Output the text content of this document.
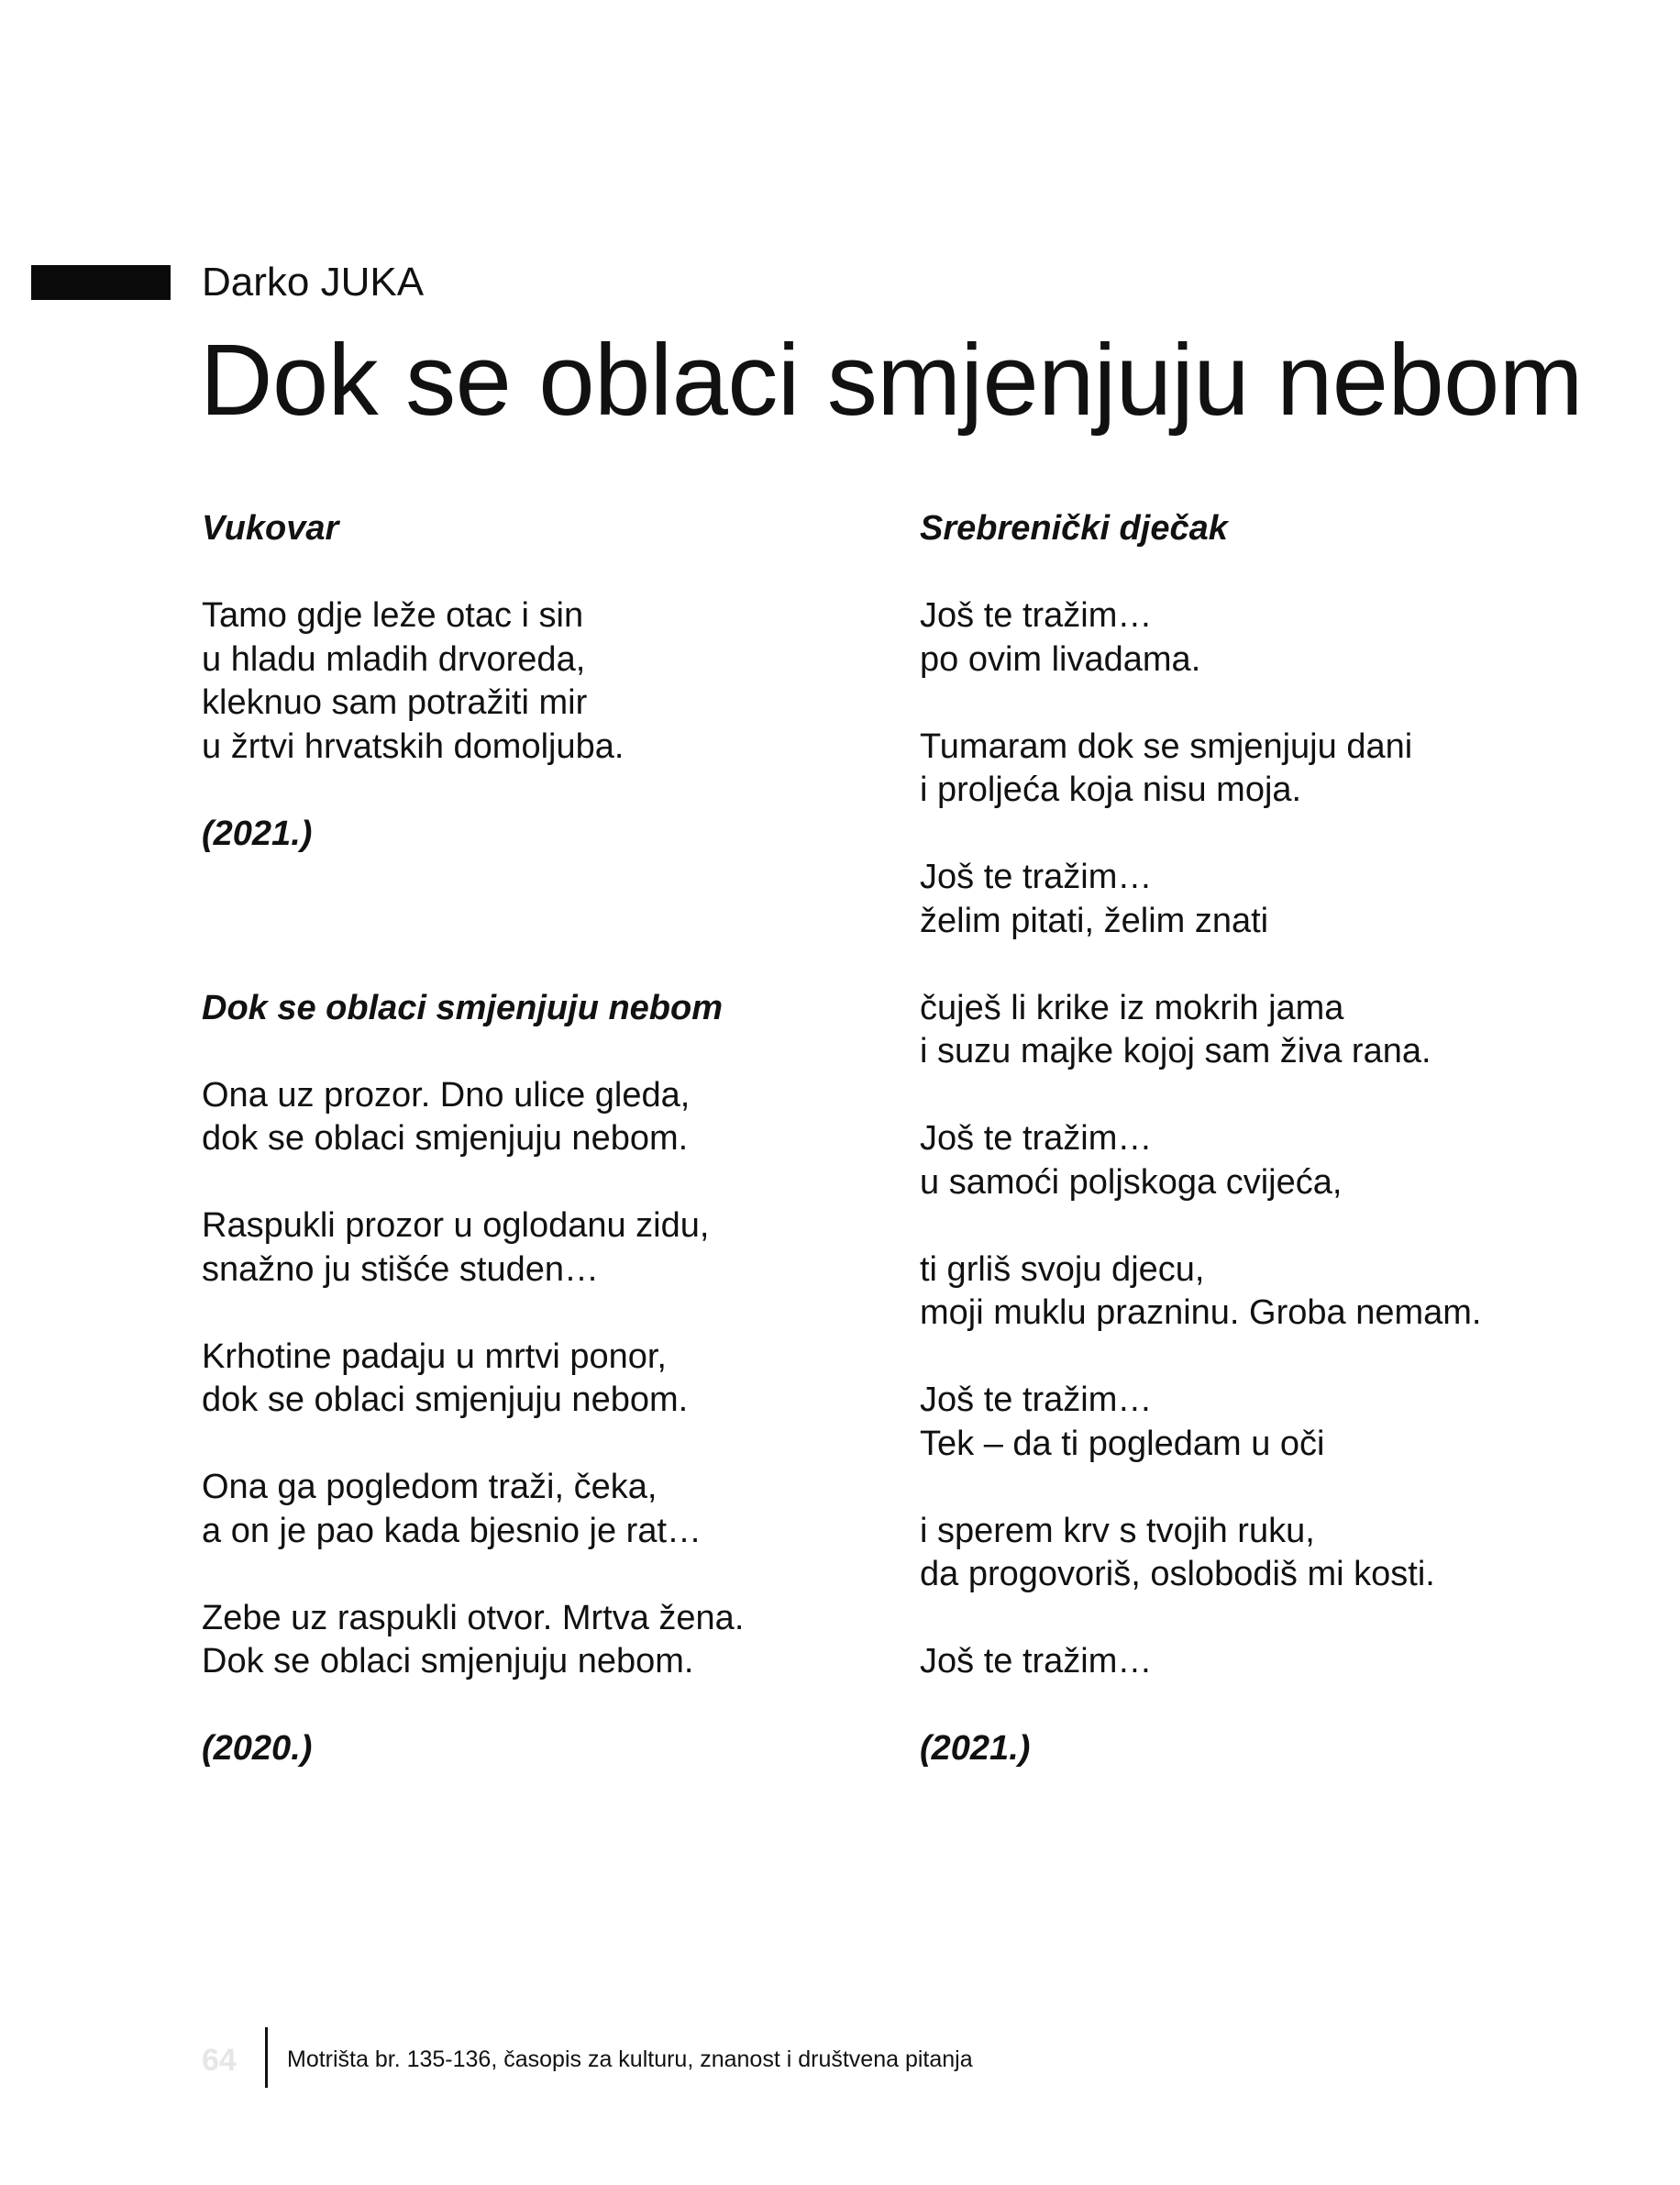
Darko JUKA
Dok se oblaci smjenjuju nebom

Vukovar

Tamo gdje leže otac i sin
u hladu mladih drvoreda,
kleknuo sam potražiti mir
u žrtvi hrvatskih domoljuba.
(2021.)

Dok se oblaci smjenjuju nebom

Ona uz prozor. Dno ulice gleda,
dok se oblaci smjenjuju nebom.
Raspukli prozor u oglodanu zidu,
snažno ju stišće studen…
Krhotine padaju u mrtvi ponor,
dok se oblaci smjenjuju nebom.
Ona ga pogledom traži, čeka,
a on je pao kada bjesnio je rat…
Zebe uz raspukli otvor. Mrtva žena.
Dok se oblaci smjenjuju nebom.
(2020.)

Srebrenički dječak

Još te tražim…
po ovim livadama.
Tumaram dok se smjenjuju dani
i proljeća koja nisu moja.
Još te tražim…
želim pitati, želim znati
čuješ li krike iz mokrih jama
i suzu majke kojoj sam živa rana.
Još te tražim…
u samoći poljskoga cvijeća,
ti grliš svoju djecu,
moji muklu prazninu. Groba nemam.
Još te tražim…
Tek – da ti pogledam u oči
i sperem krv s tvojih ruku,
da progovoriš, oslobodiš mi kosti.
Još te tražim…
(2021.)
64 Motrišta br. 135-136, časopis za kulturu, znanost i društvena pitanja
